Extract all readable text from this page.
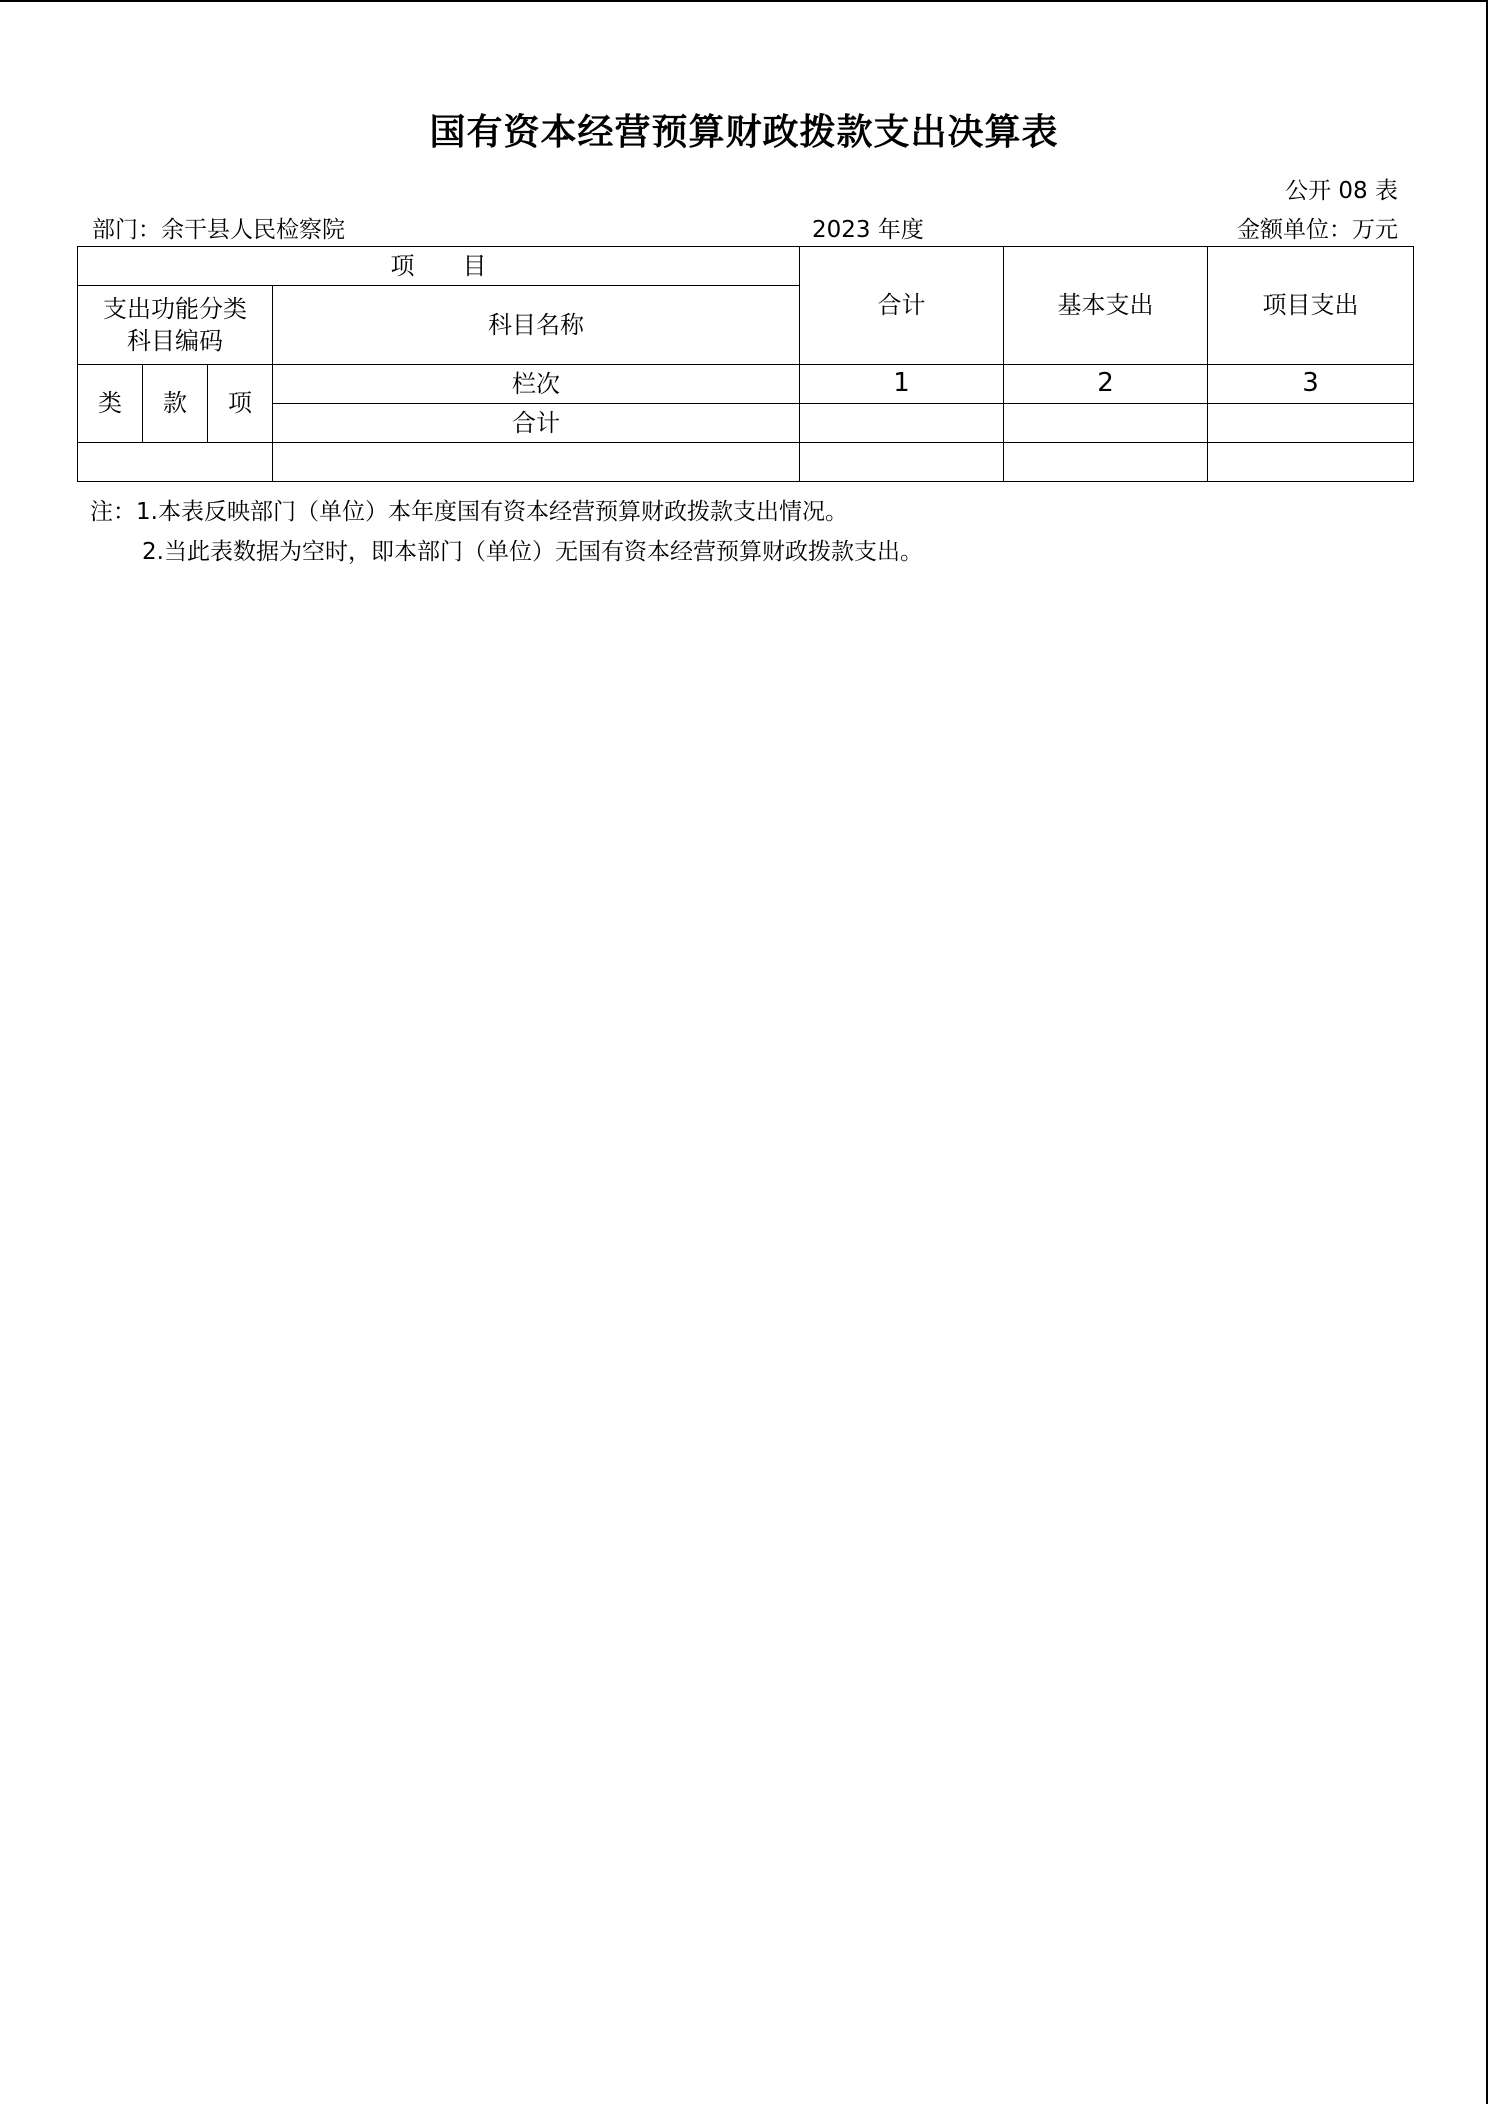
国有资本经营预算财政拨款支出决算表
公开 08 表
部门：余干县人民检察院	2023 年度	金额单位：万元
项　　目				合计	基本支出	项目支出

支出功能分类
科目编码			科目名称			
类	款	项	栏次	1	2	3
			合计			

注：1.本表反映部门（单位）本年度国有资本经营预算财政拨款支出情况。
2.当此表数据为空时，即本部门（单位）无国有资本经营预算财政拨款支出。
